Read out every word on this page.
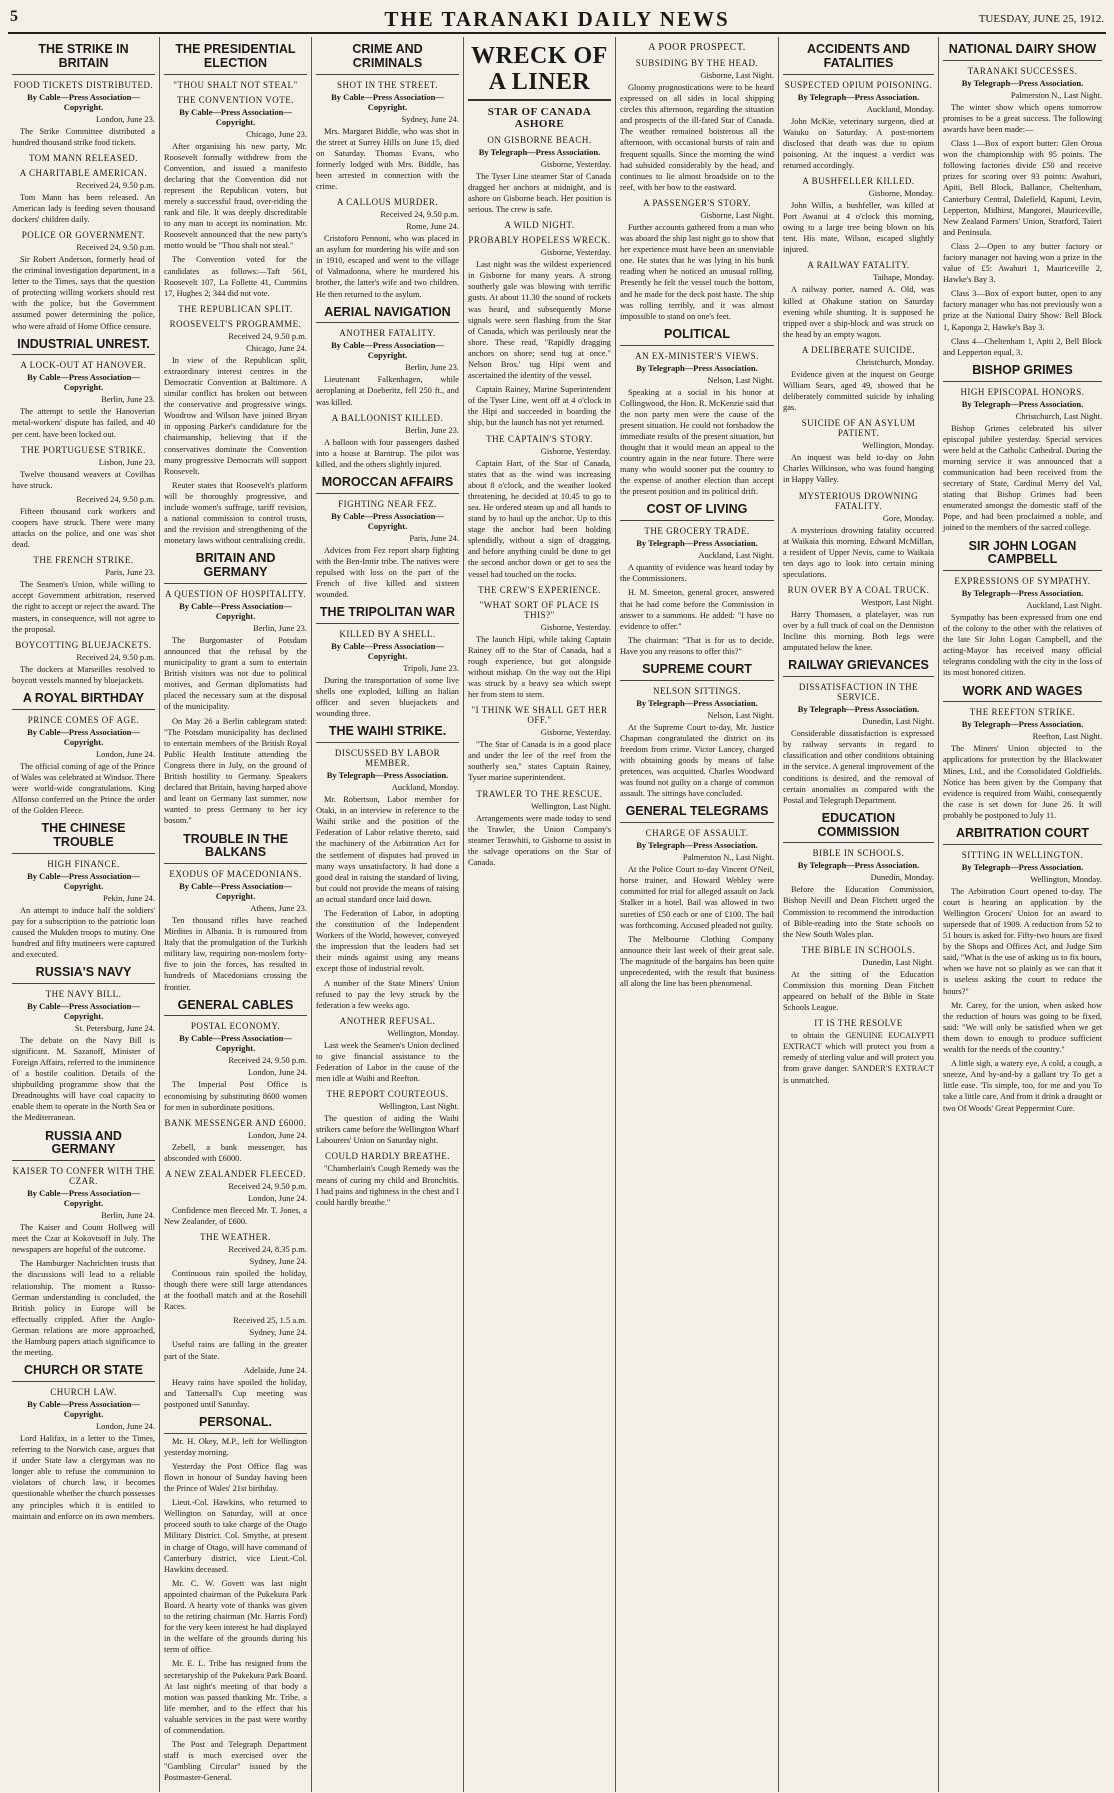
5	THE TARANAKI DAILY NEWS	TUESDAY, JUNE 25, 1912.
THE STRIKE IN BRITAIN
FOOD TICKETS DISTRIBUTED.
By Cable—Press Association—Copyright.
London, June 23.

The Strike Committee distributed a hundred thousand strike food tickets.

TOM MANN RELEASED.
A CHARITABLE AMERICAN.
Received 24, 9.50 p.m.

Tom Mann has been released. An American lady is feeding seven thousand dockers' children daily.

POLICE OR GOVERNMENT.
Received 24, 9.50 p.m.

Sir Robert Anderson, formerly head of the criminal investigation department, in a letter to the Times, says that the question of protecting willing workers should rest with the police, but the Government assumed power determining the police, who were afraid of Home Office censure.

INDUSTRIAL UNREST.
A LOCK-OUT AT HANOVER.
By Cable—Press Association—Copyright.
Berlin, June 23.

The attempt to settle the Hanoverian metal-workers' dispute has failed, and 40 per cent. have been locked out.

THE PORTUGUESE STRIKE.
Lisbon, June 23.

Twelve thousand weavers at Covilhas have struck.

Received 24, 9.50 p.m.

Fifteen thousand cork workers and coopers have struck. There were many attacks on the police, and one was shot dead.

THE FRENCH STRIKE.
Paris, June 23.

The Seamen's Union, while willing to accept Government arbitration, reserved the right to accept or reject the award. The masters, in consequence, will not agree to the proposal.

BOYCOTTING BLUEJACKETS.
Received 24, 9.50 p.m.

The dockers at Marseilles resolved to boycott vessels manned by bluejackets.

A ROYAL BIRTHDAY
PRINCE COMES OF AGE.
By Cable—Press Association—Copyright.
London, June 24.

The official coming of age of the Prince of Wales was celebrated at Windsor. There were world-wide congratulations. King Alfonso conferred on the Prince the order of the Golden Fleece.

THE CHINESE TROUBLE
HIGH FINANCE.
By Cable—Press Association—Copyright.
Pekin, June 24.

An attempt to induce half the soldiers' pay for a subscription to the patriotic loan caused the Mukden troops to mutiny. One hundred and fifty mutineers were captured and executed.

RUSSIA'S NAVY
THE NAVY BILL.
By Cable—Press Association—Copyright.
St. Petersburg, June 24.

The debate on the Navy Bill is significant. M. Sazanoff, Minister of Foreign Affairs, referred to the imminence of a hostile coalition. Details of the shipbuilding programme show that the Dreadnoughts will have coal capacity to enable them to operate in the North Sea or the Mediterranean.

RUSSIA AND GERMANY
KAISER TO CONFER WITH THE CZAR.
By Cable—Press Association—Copyright.
Berlin, June 24.

The Kaiser and Count Hollweg will meet the Czar at Kokovtsoff in July. The newspapers are hopeful of the outcome.

The Hamburger Nachrichten trusts that the discussions will lead to a reliable relationship. The moment a Russo-German understanding is concluded, the British policy in Europe will be effectually crippled. After the Anglo-German relations are more approached, the Hamburg papers attach significance to the meeting.

CHURCH OR STATE
CHURCH LAW.
By Cable—Press Association—Copyright.
London, June 24.

Lord Halifax, in a letter to the Times, referring to the Norwich case, argues that if under State law a clergyman was no longer able to refuse the communion to violators of church law, it becomes questionable whether the church possesses any principles which it is entitled to maintain and enforce on its own members.

THE PRESIDENTIAL ELECTION
"THOU SHALT NOT STEAL"
THE CONVENTION VOTE.
By Cable—Press Association—Copyright.
Chicago, June 23.

After organising his new party, Mr. Roosevelt formally withdrew from the Convention, and issued a manifesto declaring that the Convention did not represent the Republican voters, but merely a successful fraud, over-riding the rank and file. It was deeply discreditable to any man to accept its nomination. Mr. Roosevelt announced that the new party's motto would be "Thou shalt not steal."

The Convention voted for the candidates as follows:—Taft 561, Roosevelt 107, La Follette 41, Cummins 17, Hughes 2; 344 did not vote.

THE REPUBLICAN SPLIT.
ROOSEVELT'S PROGRAMME.
Received 24, 9.50 p.m.
Chicago, June 24.

In view of the Republican split, extraordinary interest centres in the Democratic Convention at Baltimore. A similar conflict has broken out between the conservative and progressive wings. Woodrow and Wilson have joined Bryan in opposing Parker's candidature for the chairmanship, believing that if the conservatives dominate the Convention many progressive Democrats will support Roosevelt.

Reuter states that Roosevelt's platform will be thoroughly progressive, and include women's suffrage, tariff revision, a national commission to control trusts, and the revision and strengthening of the monetary laws without centralising credit.

BRITAIN AND GERMANY
A QUESTION OF HOSPITALITY.
By Cable—Press Association—Copyright.
Berlin, June 23.

The Burgomaster of Potsdam announced that the refusal by the municipality to grant a sum to entertain British visitors was not due to political motives, and German diplomatists had placed the necessary sum at the disposal of the municipality.

On May 26 a Berlin cablegram stated: "The Potsdam municipality has declined to entertain members of the British Royal Public Health Institute attending the Congress there in July, on the ground of British hostility to Germany. Speakers declared that Britain, having harped above and leant on Germany last summer, now wanted to press Germany to her icy bosom."

TROUBLE IN THE BALKANS
EXODUS OF MACEDONIANS.
By Cable—Press Association—Copyright.
Athens, June 23.

Ten thousand rifles have reached Mirdites in Albania. It is rumoured from Italy that the promulgation of the Turkish military law, requiring non-moslem forty-five to join the forces, has resulted in hundreds of Macedonians crossing the frontier.

GENERAL CABLES
POSTAL ECONOMY.
By Cable—Press Association—Copyright.
Received 24, 9.50 p.m.
London, June 24.

The Imperial Post Office is economising by substituting 8600 women for men in subordinate positions.

BANK MESSENGER AND £6000.
London, June 24.

Zebell, a bank messenger, has absconded with £6000.

A NEW ZEALANDER FLEECED.
Received 24, 9.50 p.m.
London, June 24.

Confidence men fleeced Mr. T. Jones, a New Zealander, of £600.

THE WEATHER.
Received 24, 8.35 p.m.
Sydney, June 24.

Continuous rain spoiled the holiday, though there were still large attendances at the football match and at the Rosehill Races.

Received 25, 1.5 a.m.
Sydney, June 24.

Useful rains are falling in the greater part of the State.

Adelaide, June 24.

Heavy rains have spoiled the holiday, and Tattersall's Cup meeting was postponed until Saturday.

PERSONAL.

Mr. H. Okey, M.P., left for Wellington yesterday morning.

Yesterday the Post Office flag was flown in honour of Sunday having been the Prince of Wales' 21st birthday.

Lieut.-Col. Hawkins, who returned to Wellington on Saturday, will at once proceed south to take charge of the Otago Military District. Col. Smythe, at present in charge of Otago, will have command of Canterbury district, vice Lieut.-Col. Hawkins deceased.

Mr. C. W. Govett was last night appointed chairman of the Pukekura Park Board. A hearty vote of thanks was given to the retiring chairman (Mr. Harris Ford) for the very keen interest he had displayed in the welfare of the grounds during his term of office.

Mr. E. L. Tribe has resigned from the secretaryship of the Pukekura Park Board. At last night's meeting of that body a motion was passed thanking Mr. Tribe, a life member, and to the effect that his valuable services in the past were worthy of commendation.

The Post and Telegraph Department staff is much exercised over the "Gambling Circular" issued by the Postmaster-General.

CRIME AND CRIMINALS
SHOT IN THE STREET.
By Cable—Press Association—Copyright.
Sydney, June 24.

Mrs. Margaret Biddle, who was shot in the street at Surrey Hills on June 15, died on Saturday. Thomas Evans, who formerly lodged with Mrs. Biddle, has been arrested in connection with the crime.

A CALLOUS MURDER.
Received 24, 9.50 p.m.
Rome, June 24.

Cristoforo Pennoni, who was placed in an asylum for murdering his wife and son in 1910, escaped and went to the village of Valmadonna, where he murdered his brother, the latter's wife and two children. He then returned to the asylum.

AERIAL NAVIGATION
ANOTHER FATALITY.
By Cable—Press Association—Copyright.
Berlin, June 23.

Lieutenant Falkenhagen, while aeroplaning at Doeberitz, fell 250 ft., and was killed.

A BALLOONIST KILLED.
Berlin, June 23.

A balloon with four passengers dashed into a house at Barntrup. The pilot was killed, and the others slightly injured.

MOROCCAN AFFAIRS
FIGHTING NEAR FEZ.
By Cable—Press Association—Copyright.
Paris, June 24.

Advices from Fez report sharp fighting with the Ben-Imtir tribe. The natives were repulsed with loss on the part of the French of five killed and sixteen wounded.

THE TRIPOLITAN WAR
KILLED BY A SHELL.
By Cable—Press Association—Copyright.
Tripoli, June 23.

During the transportation of some live shells one exploded, killing an Italian officer and seven bluejackets and wounding three.

THE WAIHI STRIKE.
DISCUSSED BY LABOR MEMBER.
By Telegraph—Press Association.
Auckland, Monday.

Mr. Robertson, Labor member for Otaki, in an interview in reference to the Waihi strike and the position of the Federation of Labor relative thereto, said the machinery of the Arbitration Act for the settlement of disputes had proved in many ways unsatisfactory. It had done a good deal in raising the standard of living, but could not provide the means of raising an actual standard once laid down.

The Federation of Labor, in adopting the constitution of the Independent Workers of the World, however, conveyed the impression that the leaders had set their minds against using any means except those of industrial revolt.

A number of the State Miners' Union refused to pay the levy struck by the federation a few weeks ago.

ANOTHER REFUSAL.
Wellington, Monday.

Last week the Seamen's Union declined to give financial assistance to the Federation of Labor in the cause of the men idle at Waihi and Reefton.

THE REPORT COURTEOUS.
Wellington, Last Night.

The question of aiding the Waihi strikers came before the Wellington Wharf Labourers' Union on Saturday night.

COULD HARDLY BREATHE.

"Chamberlain's Cough Remedy was the means of curing my child and Bronchitis. I had pains and tightness in the chest and I could hardly breathe."

WRECK OF A LINER
STAR OF CANADA ASHORE
ON GISBORNE BEACH.
By Telegraph—Press Association.
Gisborne, Yesterday.

The Tyser Line steamer Star of Canada dragged her anchors at midnight, and is ashore on Gisborne beach. Her position is serious. The crew is safe.

A WILD NIGHT.
PROBABLY HOPELESS WRECK.
Gisborne, Yesterday.

Last night was the wildest experienced in Gisborne for many years. A strong southerly gale was blowing with terrific gusts. At about 11.30 the sound of rockets was heard, and subsequently Morse signals were seen flashing from the Star of Canada, which was perilously near the shore. These read, "Rapidly dragging anchors on shore; send tug at once." Nelson Bros.' tug Hipi went and ascertained the identity of the vessel.

Captain Rainey, Marine Superintendent of the Tyser Line, went off at 4 o'clock in the Hipi and succeeded in boarding the ship, but the launch has not yet returned.

THE CAPTAIN'S STORY.
Gisborne, Yesterday.

Captain Hart, of the Star of Canada, states that as the wind was increasing about 8 o'clock, and the weather looked threatening, he decided at 10.45 to go to sea. He ordered steam up and all hands to stand by to haul up the anchor. Up to this stage the anchor had been holding splendidly, without a sign of dragging, and before anything could be done to get the second anchor down or get to sea the vessel had touched on the rocks.

THE CREW'S EXPERIENCE.
"WHAT SORT OF PLACE IS THIS?"
Gisborne, Yesterday.

The launch Hipi, while taking Captain Rainey off to the Star of Canada, had a rough experience, but got alongside without mishap. On the way out the Hipi was struck by a heavy sea which swept her from stem to stern.

"I THINK WE SHALL GET HER OFF."
Gisborne, Yesterday.

"The Star of Canada is in a good place and under the lee of the reef from the southerly sea," states Captain Rainey, Tyser marine superintendent.

TRAWLER TO THE RESCUE.
Wellington, Last Night.

Arrangements were made today to send the Trawler, the Union Company's steamer Terawhiti, to Gisborne to assist in the salvage operations on the Star of Canada.

A POOR PROSPECT.
SUBSIDING BY THE HEAD.
Gisborne, Last Night.

Gloomy prognostications were to be heard expressed on all sides in local shipping circles this afternoon, regarding the situation and prospects of the ill-fated Star of Canada. The weather remained boisterous all the afternoon, with occasional bursts of rain and frequent squalls. Since the morning the wind had subsided considerably by the head, and continues to lie almost broadside on to the reef, with her bow to the eastward.

A PASSENGER'S STORY.
Gisborne, Last Night.

Further accounts gathered from a man who was aboard the ship last night go to show that her experience must have been an unenviable one. He states that he was lying in his bunk reading when he noticed an unusual rolling. Presently he felt the vessel touch the bottom, and he made for the deck post haste. The ship was rolling terribly, and it was almost impossible to stand on one's feet.

POLITICAL
AN EX-MINISTER'S VIEWS.
By Telegraph—Press Association.
Nelson, Last Night.

Speaking at a social in his honor at Collingwood, the Hon. R. McKenzie said that the non party men were the cause of the present situation. He could not forshadow the immediate results of the present situation, but thought that it would mean an appeal to the country again in the near future. There were many who would sooner put the country to the expense of another election than accept the present position and its political drift.

COST OF LIVING
THE GROCERY TRADE.
By Telegraph—Press Association.
Auckland, Last Night.

A quantity of evidence was heard today by the Commissioners.

H. M. Smeeton, general grocer, answered that he had come before the Commission in answer to a summons. He added: "I have no evidence to offer."

The chairman: "That is for us to decide. Have you any reasons to offer this?"

SUPREME COURT
NELSON SITTINGS.
By Telegraph—Press Association.
Nelson, Last Night.

At the Supreme Court to-day, Mr. Justice Chapman congratulated the district on its freedom from crime. Victor Lancey, charged with obtaining goods by means of false pretences, was acquitted. Charles Woodward was found not guilty on a charge of common assault. The sittings have concluded.

GENERAL TELEGRAMS
CHARGE OF ASSAULT.
By Telegraph—Press Association.
Palmerston N., Last Night.

At the Police Court to-day Vincent O'Neil, horse trainer, and Howard Webley were committed for trial for alleged assault on Jack Stalker in a hotel. Bail was allowed in two sureties of £50 each or one of £100. The bail was forthcoming. Accused pleaded not guilty.

The Melbourne Clothing Company announce their last week of their great sale. The magnitude of the bargains has been quite unprecedented, with the result that business all along the line has been phenomenal.

ACCIDENTS AND FATALITIES
SUSPECTED OPIUM POISONING.
By Telegraph—Press Association.
Auckland, Monday.

John McKie, veterinary surgeon, died at Waiuku on Saturday. A post-mortem disclosed that death was due to opium poisoning. At the inquest a verdict was returned accordingly.

A BUSHFELLER KILLED.
Gisborne, Monday.

John Willis, a bushfeller, was killed at Port Awanui at 4 o'clock this morning, owing to a large tree being blown on his tent. His mate, Wilson, escaped slightly injured.

A RAILWAY FATALITY.
Taihape, Monday.

A railway porter, named A. Old, was killed at Ohakune station on Saturday evening while shunting. It is supposed he tripped over a ship-block and was struck on the head by an empty wagon.

A DELIBERATE SUICIDE.
Christchurch, Monday.

Evidence given at the inquest on George William Sears, aged 49, showed that he deliberately committed suicide by inhaling gas.

SUICIDE OF AN ASYLUM PATIENT.
Wellington, Monday.

An inquest was held to-day on John Charles Wilkinson, who was found hanging in Happy Valley.

MYSTERIOUS DROWNING FATALITY.
Gore, Monday.

A mysterious drowning fatality occurred at Waikaia this morning. Edward McMillan, a resident of Upper Nevis, came to Waikaia ten days ago to look into certain mining speculations.

RUN OVER BY A COAL TRUCK.
Westport, Last Night.

Harry Thomasen, a platelayer, was run over by a full truck of coal on the Denniston Incline this morning. Both legs were amputated below the knee.

RAILWAY GRIEVANCES
DISSATISFACTION IN THE SERVICE.
By Telegraph—Press Association.
Dunedin, Last Night.

Considerable dissatisfaction is expressed by railway servants in regard to classification and other conditions obtaining in the service. A general improvement of the conditions is desired, and the removal of certain anomalies as compared with the Postal and Telegraph Department.

EDUCATION COMMISSION
BIBLE IN SCHOOLS.
By Telegraph—Press Association.
Dunedin, Monday.

Before the Education Commission, Bishop Nevill and Dean Fitchett urged the Commission to recommend the introduction of Bible-reading into the State schools on the New South Wales plan.

THE BIBLE IN SCHOOLS.
Dunedin, Last Night.

At the sitting of the Education Commission this morning Dean Fitchett appeared on behalf of the Bible in State Schools League.

IT IS THE RESOLVE

to obtain the GENUINE EUCALYPTI EXTRACT which will protect you from a remedy of sterling value and will protect you from grave danger. SANDER'S EXTRACT is unmatched.

NATIONAL DAIRY SHOW
TARANAKI SUCCESSES.
By Telegraph—Press Association.
Palmerston N., Last Night.

The winter show which opens tomorrow promises to be a great success. The following awards have been made:—

Class 1—Box of export butter: Glen Oroua won the championship with 95 points. The following factories divide £50 and receive prizes for scoring over 93 points: Awahuri, Apiti, Bell Block, Ballance, Cheltenham, Canterbury Central, Dalefield, Kapuni, Levin, Lepperton, Midhirst, Mangorei, Mauriceville, New Zealand Farmers' Union, Stratford, Taieri and Peninsula.

Class 2—Open to any butter factory or factory manager not having won a prize in the value of £5: Awahuri 1, Mauriceville 2, Hawke's Bay 3.

Class 3—Box of export butter, open to any factory manager who has not previously won a prize at the National Dairy Show: Bell Block 1, Kaponga 2, Hawke's Bay 3.

Class 4—Cheltenham 1, Apiti 2, Bell Block and Lepperton equal, 3.

BISHOP GRIMES
HIGH EPISCOPAL HONORS.
By Telegraph—Press Association.
Christchurch, Last Night.

Bishop Grimes celebrated his silver episcopal jubilee yesterday. Special services were held at the Catholic Cathedral. During the morning service it was announced that a communication had been received from the secretary of State, Cardinal Merry del Val, stating that Bishop Grimes had been enumerated amongst the domestic staff of the Pope, and had been proclaimed a noble, and joined to the members of the sacred college.

SIR JOHN LOGAN CAMPBELL
EXPRESSIONS OF SYMPATHY.
By Telegraph—Press Association.
Auckland, Last Night.

Sympathy has been expressed from one end of the colony to the other with the relatives of the late Sir John Logan Campbell, and the acting-Mayor has received many official telegrams condoling with the city in the loss of its most honored citizen.

WORK AND WAGES
THE REEFTON STRIKE.
By Telegraph—Press Association.
Reefton, Last Night.

The Miners' Union objected to the applications for protection by the Blackwater Mines, Ltd., and the Consolidated Goldfields. Notice has been given by the Company that evidence is required from Waihi, consequently the case is set down for June 26. It will probably be postponed to July 11.

ARBITRATION COURT
SITTING IN WELLINGTON.
By Telegraph—Press Association.
Wellington, Monday.

The Arbitration Court opened to-day. The court is hearing an application by the Wellington Grocers' Union for an award to supersede that of 1909. A reduction from 52 to 51 hours is asked for. Fifty-two hours are fixed by the Shops and Offices Act, and Judge Sim said, "What is the use of asking us to fix hours, when we have not so plainly as we can that it is useless asking the court to reduce the hours?"

Mr. Carey, for the union, when asked how the reduction of hours was going to be fixed, said: "We will only be satisfied when we get them down to enough to produce sufficient wealth for the needs of the country."

A little sigh, a watery eye, A cold, a cough, a sneeze, And by-and-by a gallant try To get a little ease. 'Tis simple, too, for me and you To take a little care, And from it drink a draught or two Of Woods' Great Peppermint Cure.
